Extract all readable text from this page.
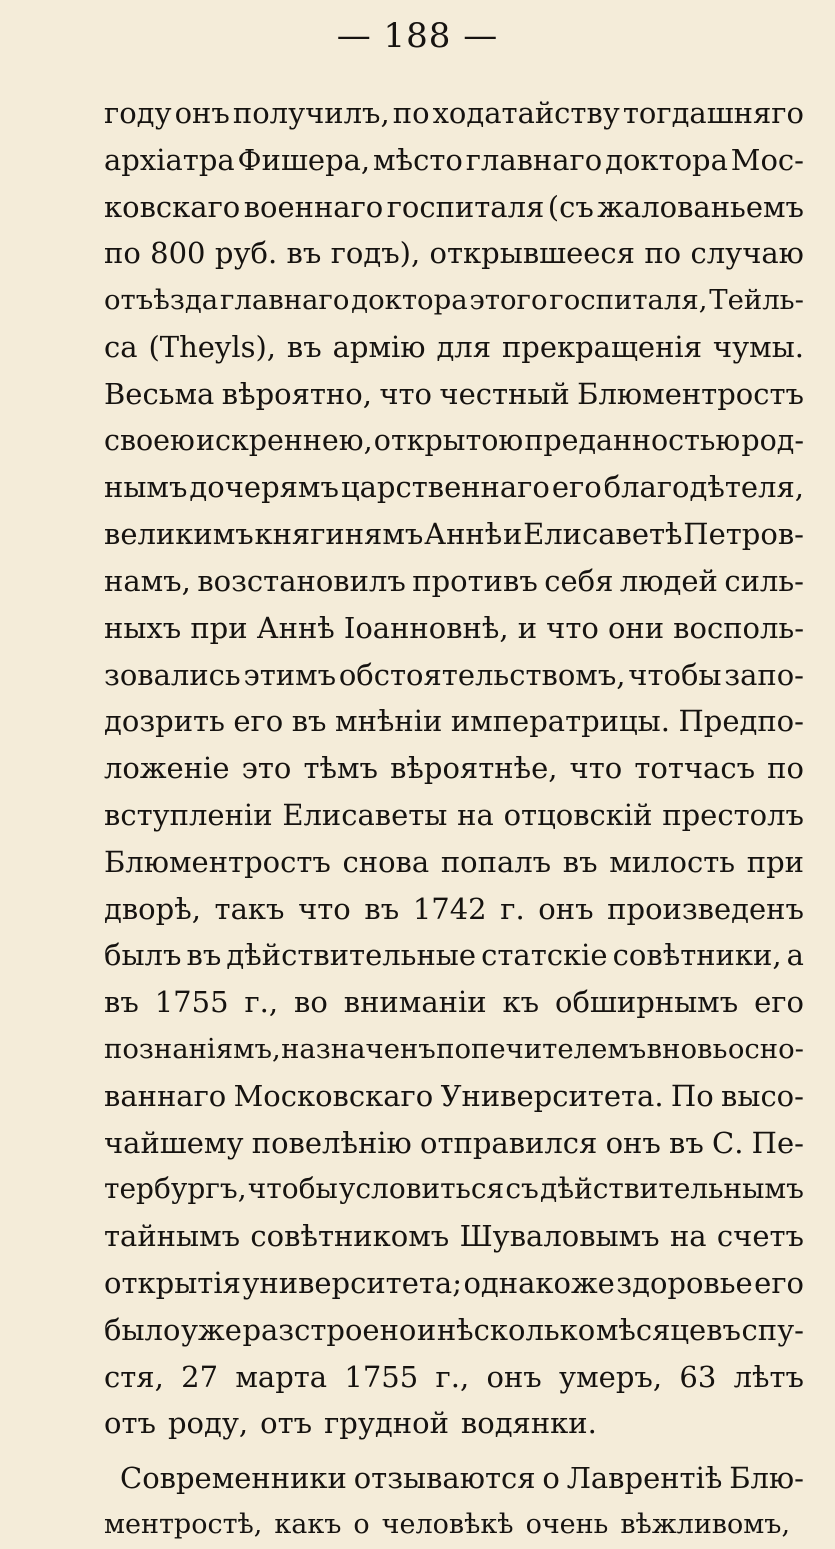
— 188 —
году онъ получилъ, по ходатайству тогдашняго
архіатра Фишера, мѣсто главнаго доктора Мос-
ковскаго военнаго госпиталя (съ жалованьемъ
по 800 руб. въ годъ), открывшееся по случаю
отъѣзда главнаго доктора этого госпиталя, Тейль-
са (Theyls), въ армію для прекращенія чумы.
Весьма вѣроятно, что честный Блюментростъ
своею искреннею, открытою преданностью род-
нымъ дочерямъ царственнаго его благодѣтеля,
великимъ княгинямъ Аннѣ и Елисаветѣ Петров-
намъ, возстановилъ противъ себя людей силь-
ныхъ при Аннѣ Іоанновнѣ, и что они восполь-
зовались этимъ обстоятельствомъ, чтобы запо-
дозрить его въ мнѣніи императрицы. Предпо-
ложеніе это тѣмъ вѣроятнѣе, что тотчасъ по
вступленіи Елисаветы на отцовскій престолъ
Блюментростъ снова попалъ въ милость при
дворѣ, такъ что въ 1742 г. онъ произведенъ
былъ въ дѣйствительные статскіе совѣтники, а
въ 1755 г., во вниманіи къ обширнымъ его
познаніямъ, назначенъ попечителемъ вновь осно-
ваннаго Московскаго Университета. По высо-
чайшему повелѣнію отправился онъ въ С. Пе-
тербургъ, чтобы условиться съ дѣйствительнымъ
тайнымъ совѣтникомъ Шуваловымъ на счетъ
открытія университета; однакоже здоровье его
было уже разстроено и нѣсколько мѣсяцевъ спу-
стя, 27 марта 1755 г., онъ умеръ, 63 лѣтъ
отъ роду, отъ грудной водянки.
Современники отзываются о Лаврентіѣ Блю-
ментростѣ, какъ о человѣкѣ очень вѣжливомъ,
